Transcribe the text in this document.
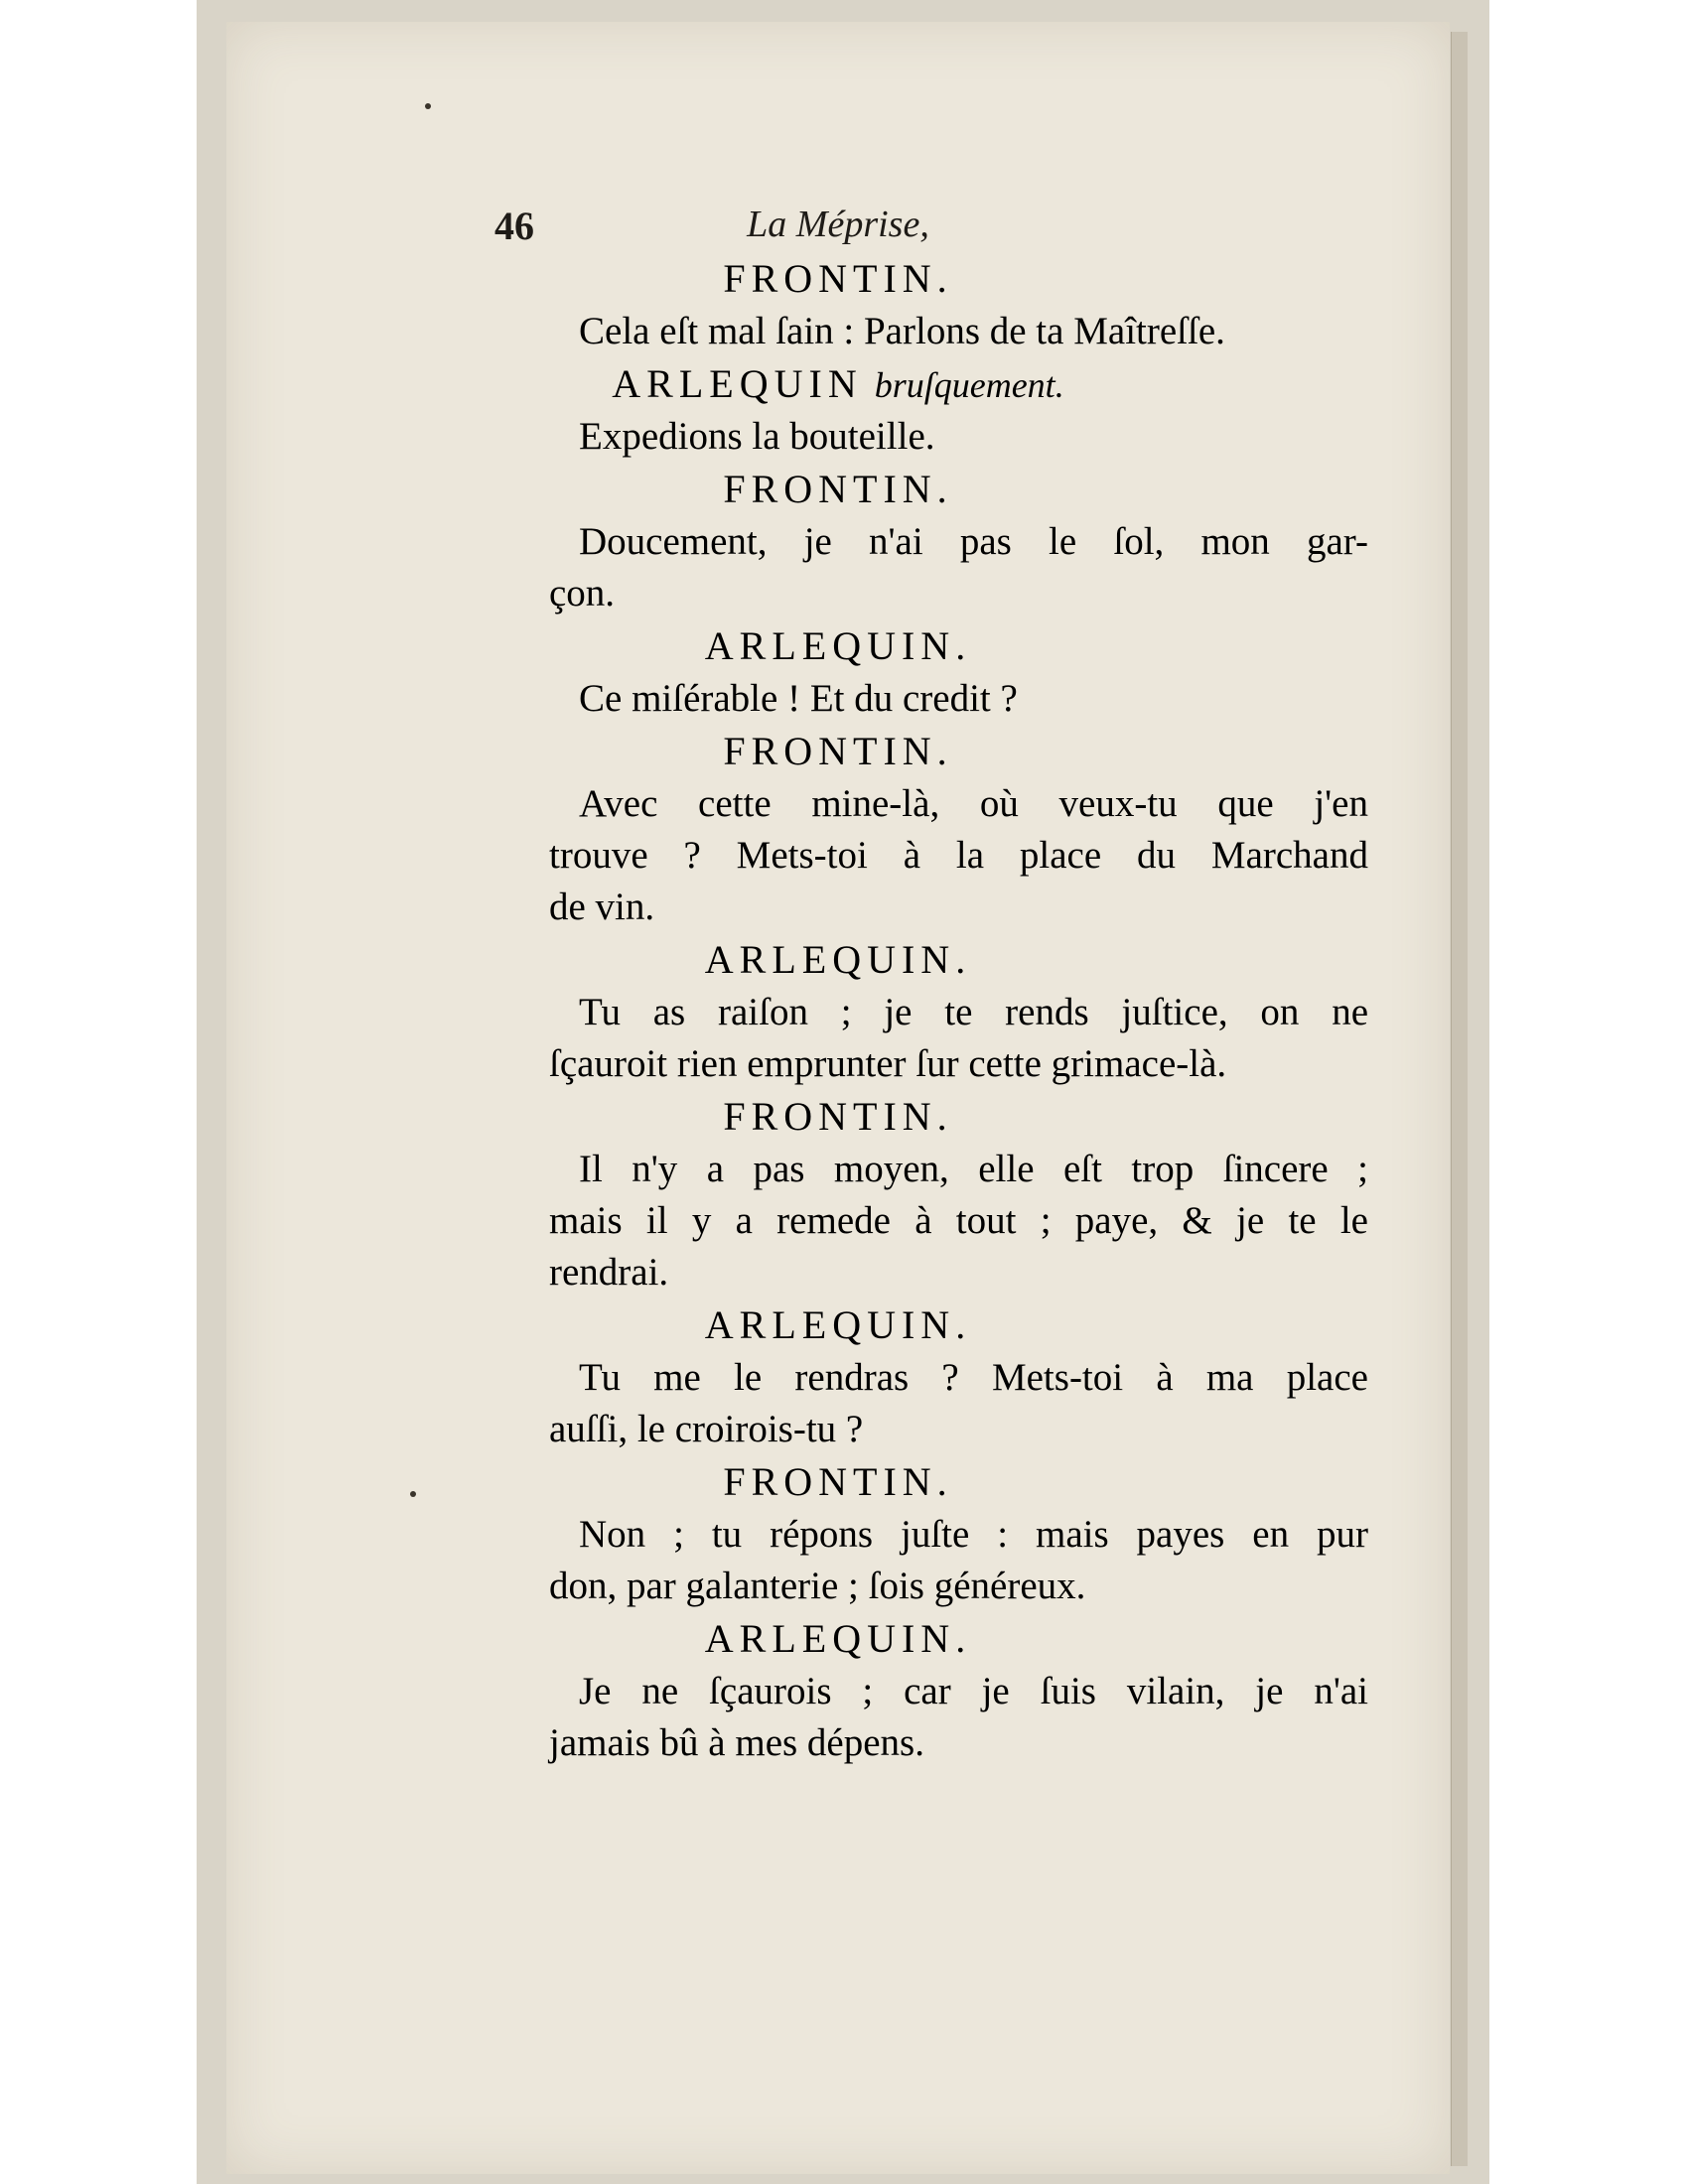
46	La Méprise,
FRONTIN.
Cela eſt mal ſain : Parlons de ta Maîtreſſe.
ARLEQUIN bruſquement.
Expedions la bouteille.
FRONTIN.
Doucement, je n'ai pas le ſol, mon gar-
çon.
ARLEQUIN.
Ce miſérable ! Et du credit ?
FRONTIN.
Avec cette mine-là, où veux-tu que j'en
trouve ? Mets-toi à la place du Marchand
de vin.
ARLEQUIN.
Tu as raiſon ; je te rends juſtice, on ne
ſçauroit rien emprunter ſur cette grimace-là.
FRONTIN.
Il n'y a pas moyen, elle eſt trop ſincere ;
mais il y a remede à tout ; paye, & je te le
rendrai.
ARLEQUIN.
Tu me le rendras ? Mets-toi à ma place
auſſi, le croirois-tu ?
FRONTIN.
Non ; tu répons juſte : mais payes en pur
don, par galanterie ; ſois généreux.
ARLEQUIN.
Je ne ſçaurois ; car je ſuis vilain, je n'ai
jamais bû à mes dépens.
